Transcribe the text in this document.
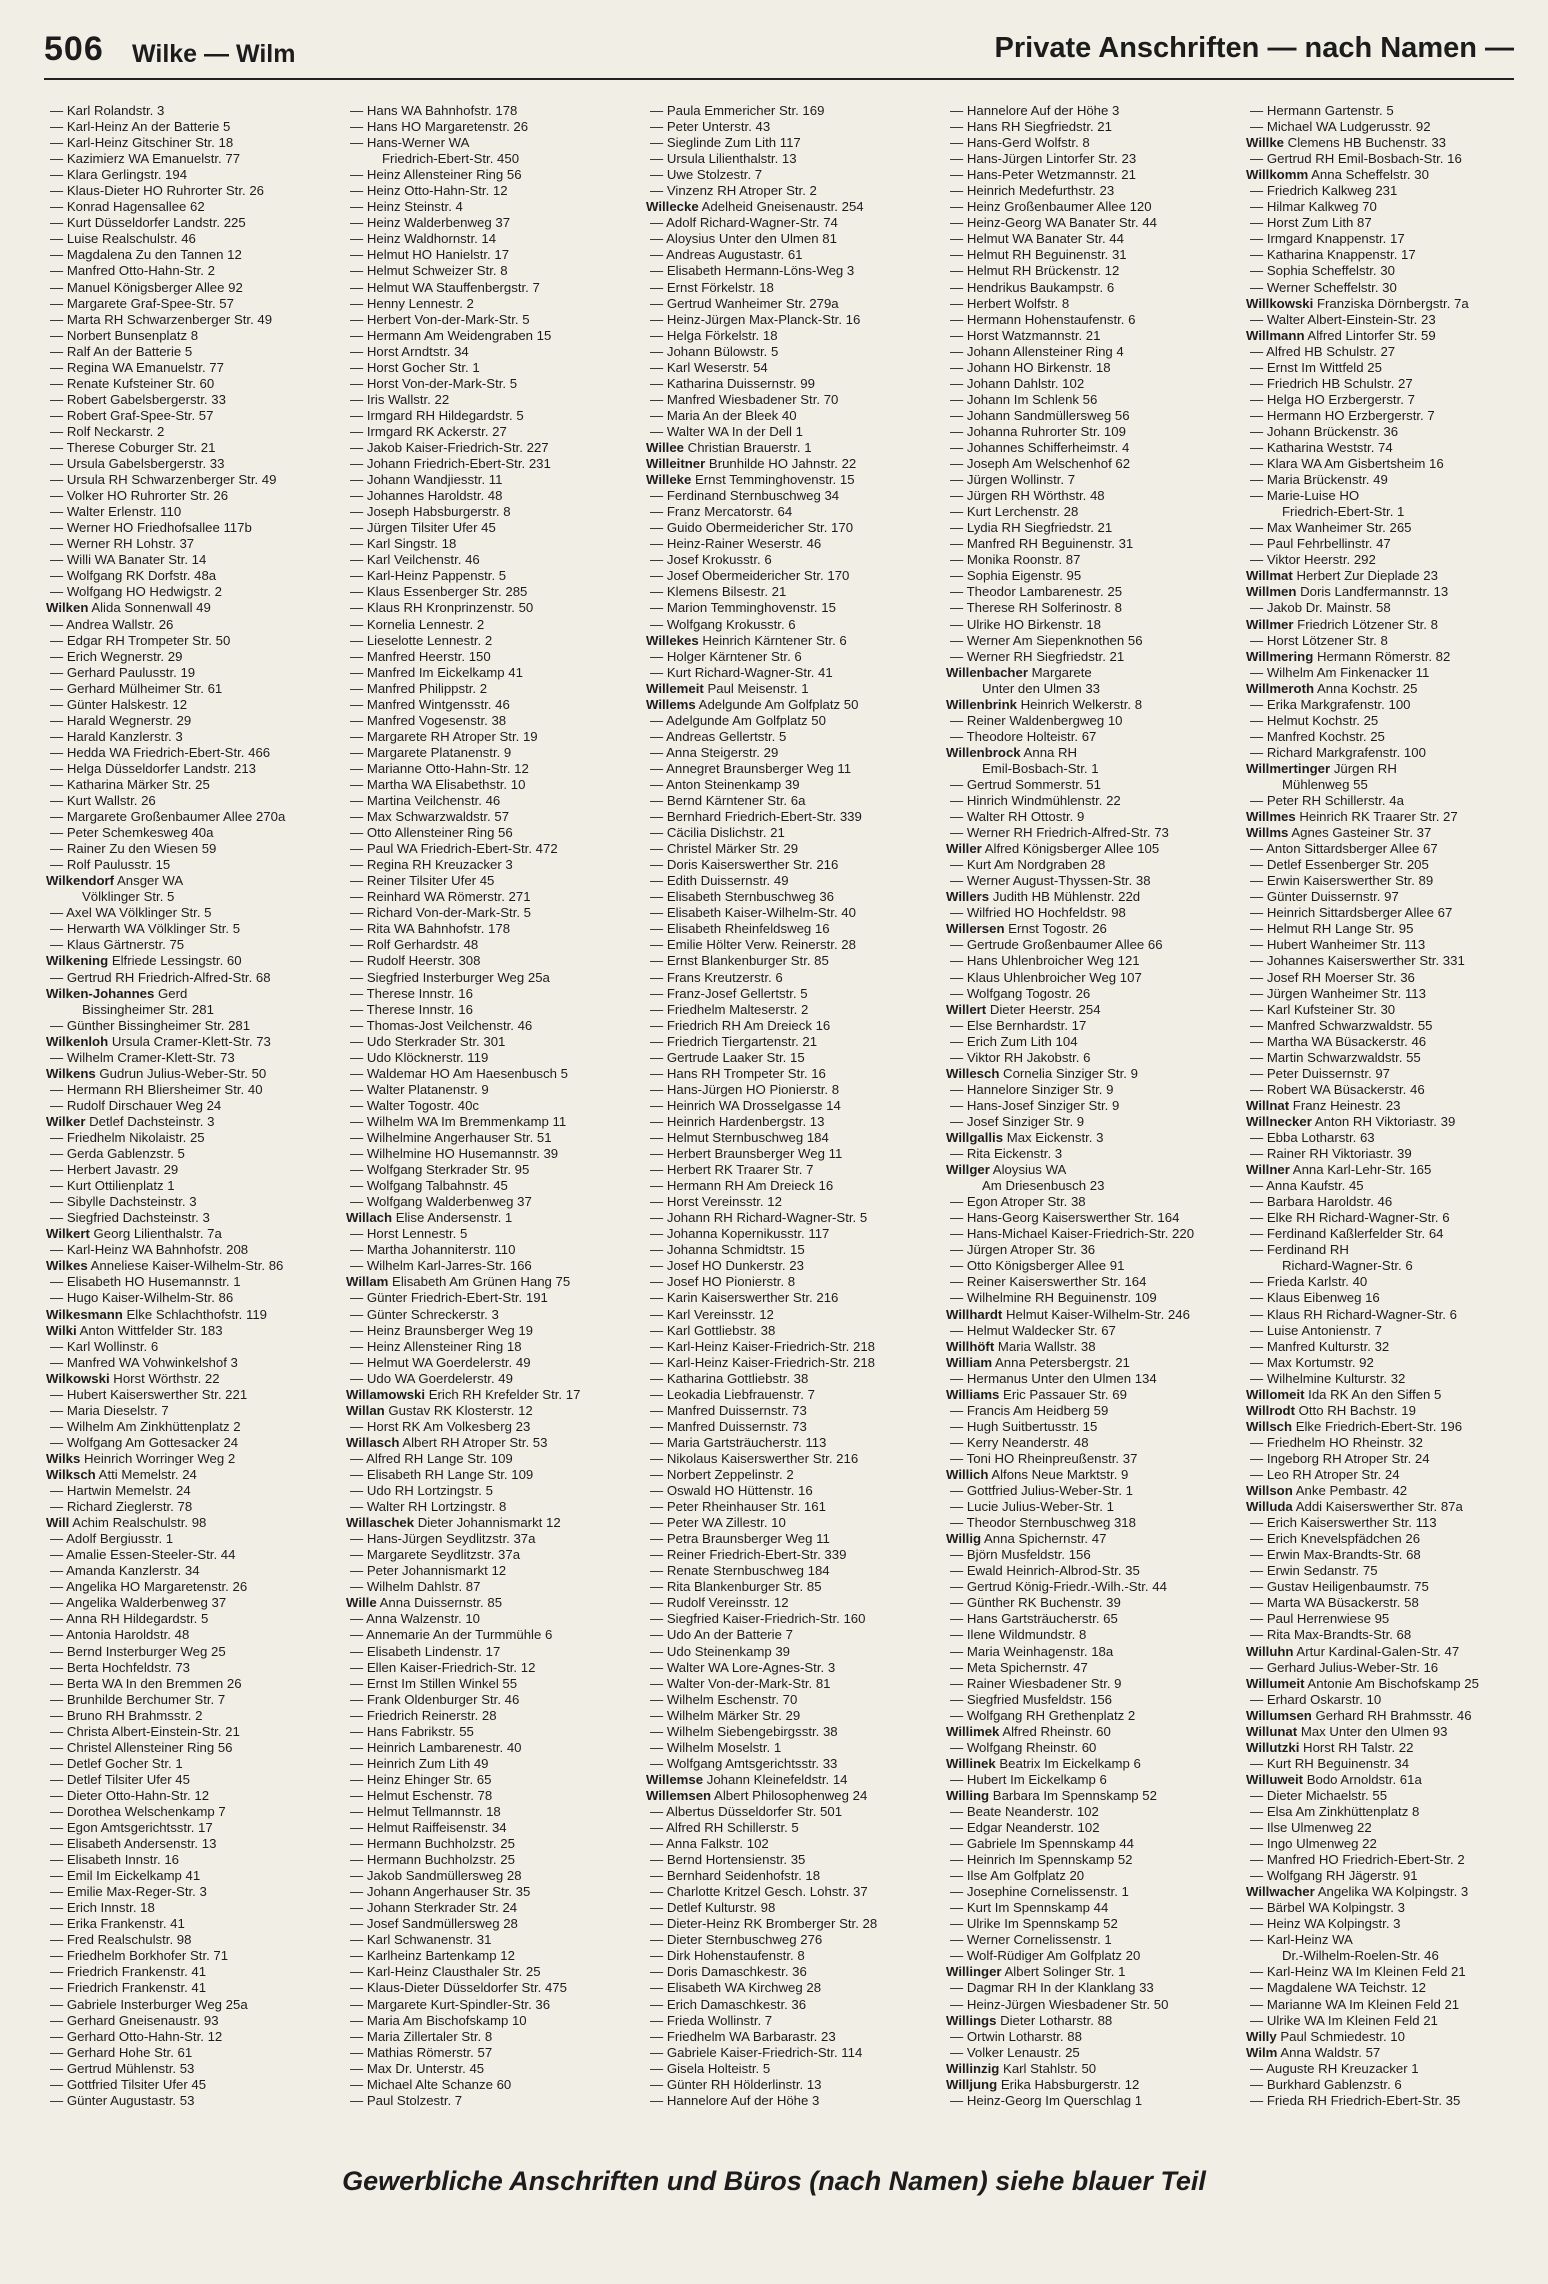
506 Wilke — Wilm	Private Anschriften — nach Namen —
— Karl Rolandstr. 3
— Karl-Heinz An der Batterie 5
— Karl-Heinz Gitschiner Str. 18
— Kazimierz WA Emanuelstr. 77
— Klara Gerlingstr. 194
— Klaus-Dieter HO Ruhrorter Str. 26
— Konrad Hagensallee 62
— Kurt Düsseldorfer Landstr. 225
— Luise Realschulstr. 46
— Magdalena Zu den Tannen 12
— Manfred Otto-Hahn-Str. 2
— Manuel Königsberger Allee 92
— Margarete Graf-Spee-Str. 57
— Marta RH Schwarzenberger Str. 49
— Norbert Bunsenplatz 8
— Ralf An der Batterie 5
— Regina WA Emanuelstr. 77
— Renate Kufsteiner Str. 60
— Robert Gabelsbergerstr. 33
— Robert Graf-Spee-Str. 57
— Rolf Neckarstr. 2
— Therese Coburger Str. 21
— Ursula Gabelsbergerstr. 33
— Ursula RH Schwarzenberger Str. 49
— Volker HO Ruhrorter Str. 26
— Walter Erlenstr. 110
— Werner HO Friedhofsallee 117b
— Werner RH Lohstr. 37
— Willi WA Banater Str. 14
— Wolfgang RK Dorfstr. 48a
— Wolfgang HO Hedwigstr. 2
Wilken Alida Sonnenwall 49
— Andrea Wallstr. 26
— Edgar RH Trompeter Str. 50
— Erich Wegnerstr. 29
— Gerhard Paulusstr. 19
— Gerhard Mülheimer Str. 61
— Günter Halskestr. 12
— Harald Wegnerstr. 29
— Harald Kanzlerstr. 3
— Hedda WA Friedrich-Ebert-Str. 466
— Helga Düsseldorfer Landstr. 213
— Katharina Märker Str. 25
— Kurt Wallstr. 26
— Margarete Großenbaumer Allee 270a
— Peter Schemkesweg 40a
— Rainer Zu den Wiesen 59
— Rolf Paulusstr. 15
Wilkendorf Ansger WA
Völklinger Str. 5
— Axel WA Völklinger Str. 5
— Herwarth WA Völklinger Str. 5
— Klaus Gärtnerstr. 75
Wilkening Elfriede Lessingstr. 60
— Gertrud RH Friedrich-Alfred-Str. 68
Wilken-Johannes Gerd
Bissingheimer Str. 281
— Günther Bissingheimer Str. 281
Wilkenloh Ursula Cramer-Klett-Str. 73
— Wilhelm Cramer-Klett-Str. 73
Wilkens Gudrun Julius-Weber-Str. 50
— Hermann RH Bliersheimer Str. 40
— Rudolf Dirschauer Weg 24
Wilker Detlef Dachsteinstr. 3
— Friedhelm Nikolaistr. 25
— Gerda Gablenzstr. 5
— Herbert Javastr. 29
— Kurt Ottilienplatz 1
— Sibylle Dachsteinstr. 3
— Siegfried Dachsteinstr. 3
Wilkert Georg Lilienthalstr. 7a
— Karl-Heinz WA Bahnhofstr. 208
Wilkes Anneliese Kaiser-Wilhelm-Str. 86
— Elisabeth HO Husemannstr. 1
— Hugo Kaiser-Wilhelm-Str. 86
Wilkesmann Elke Schlachthofstr. 119
Wilki Anton Wittfelder Str. 183
— Karl Wollinstr. 6
— Manfred WA Vohwinkelshof 3
Wilkowski Horst Wörthstr. 22
— Hubert Kaiserswerther Str. 221
— Maria Dieselstr. 7
— Wilhelm Am Zinkhüttenplatz 2
— Wolfgang Am Gottesacker 24
Wilks Heinrich Worringer Weg 2
Wilksch Atti Memelstr. 24
— Hartwin Memelstr. 24
— Richard Zieglerstr. 78
Will Achim Realschulstr. 98
— Adolf Bergiusstr. 1
— Amalie Essen-Steeler-Str. 44
— Amanda Kanzlerstr. 34
— Angelika HO Margaretenstr. 26
— Angelika Walderbenweg 37
— Anna RH Hildegardstr. 5
— Antonia Haroldstr. 48
— Bernd Insterburger Weg 25
— Berta Hochfeldstr. 73
— Berta WA In den Bremmen 26
— Brunhilde Berchumer Str. 7
— Bruno RH Brahmsstr. 2
— Christa Albert-Einstein-Str. 21
— Christel Allensteiner Ring 56
— Detlef Gocher Str. 1
— Detlef Tilsiter Ufer 45
— Dieter Otto-Hahn-Str. 12
— Dorothea Welschenkamp 7
— Egon Amtsgerichtsstr. 17
— Elisabeth Andersenstr. 13
— Elisabeth Innstr. 16
— Emil Im Eickelkamp 41
— Emilie Max-Reger-Str. 3
— Erich Innstr. 18
— Erika Frankenstr. 41
— Fred Realschulstr. 98
— Friedhelm Borkhofer Str. 71
— Friedrich Frankenstr. 41
— Friedrich Frankenstr. 41
— Gabriele Insterburger Weg 25a
— Gerhard Gneisenaustr. 93
— Gerhard Otto-Hahn-Str. 12
— Gerhard Hohe Str. 61
— Gertrud Mühlenstr. 53
— Gottfried Tilsiter Ufer 45
— Günter Augustastr. 53
— Hans WA Bahnhofstr. 178
— Hans HO Margaretenstr. 26
— Hans-Werner WA
Friedrich-Ebert-Str. 450
— Heinz Allensteiner Ring 56
— Heinz Otto-Hahn-Str. 12
— Heinz Steinstr. 4
— Heinz Walderbenweg 37
— Heinz Waldhornstr. 14
— Helmut HO Hanielstr. 17
— Helmut Schweizer Str. 8
— Helmut WA Stauffenbergstr. 7
— Henny Lennestr. 2
— Herbert Von-der-Mark-Str. 5
— Hermann Am Weidengraben 15
— Horst Arndtstr. 34
— Horst Gocher Str. 1
— Horst Von-der-Mark-Str. 5
— Iris Wallstr. 22
— Irmgard RH Hildegardstr. 5
— Irmgard RK Ackerstr. 27
— Jakob Kaiser-Friedrich-Str. 227
— Johann Friedrich-Ebert-Str. 231
— Johann Wandjiesstr. 11
— Johannes Haroldstr. 48
— Joseph Habsburgerstr. 8
— Jürgen Tilsiter Ufer 45
— Karl Singstr. 18
— Karl Veilchenstr. 46
— Karl-Heinz Pappenstr. 5
— Klaus Essenberger Str. 285
— Klaus RH Kronprinzenstr. 50
— Kornelia Lennestr. 2
— Lieselotte Lennestr. 2
— Manfred Heerstr. 150
— Manfred Im Eickelkamp 41
— Manfred Philippstr. 2
— Manfred Wintgensstr. 46
— Manfred Vogesenstr. 38
— Margarete RH Atroper Str. 19
— Margarete Platanenstr. 9
— Marianne Otto-Hahn-Str. 12
— Martha WA Elisabethstr. 10
— Martina Veilchenstr. 46
— Max Schwarzwaldstr. 57
— Otto Allensteiner Ring 56
— Paul WA Friedrich-Ebert-Str. 472
— Regina RH Kreuzacker 3
— Reiner Tilsiter Ufer 45
— Reinhard WA Römerstr. 271
— Richard Von-der-Mark-Str. 5
— Rita WA Bahnhofstr. 178
— Rolf Gerhardstr. 48
— Rudolf Heerstr. 308
— Siegfried Insterburger Weg 25a
— Therese Innstr. 16
— Therese Innstr. 16
— Thomas-Jost Veilchenstr. 46
— Udo Sterkrader Str. 301
— Udo Klöcknerstr. 119
— Waldemar HO Am Haesenbusch 5
— Walter Platanenstr. 9
— Walter Togostr. 40c
— Wilhelm WA Im Bremmenkamp 11
— Wilhelmine Angerhauser Str. 51
— Wilhelmine HO Husemannstr. 39
— Wolfgang Sterkrader Str. 95
— Wolfgang Talbahnstr. 45
— Wolfgang Walderbenweg 37
Willach Elise Andersenstr. 1
— Horst Lennestr. 5
— Martha Johanniterstr. 110
— Wilhelm Karl-Jarres-Str. 166
Willam Elisabeth Am Grünen Hang 75
— Günter Friedrich-Ebert-Str. 191
— Günter Schreckerstr. 3
— Heinz Braunsberger Weg 19
— Heinz Allensteiner Ring 18
— Helmut WA Goerdelerstr. 49
— Udo WA Goerdelerstr. 49
Willamowski Erich RH Krefelder Str. 17
Willan Gustav RK Klosterstr. 12
— Horst RK Am Volkesberg 23
Willasch Albert RH Atroper Str. 53
— Alfred RH Lange Str. 109
— Elisabeth RH Lange Str. 109
— Udo RH Lortzingstr. 5
— Walter RH Lortzingstr. 8
Willaschek Dieter Johannismarkt 12
— Hans-Jürgen Seydlitzstr. 37a
— Margarete Seydlitzstr. 37a
— Peter Johannismarkt 12
— Wilhelm Dahlstr. 87
Wille Anna Duissernstr. 85
— Anna Walzenstr. 10
— Annemarie An der Turmmühle 6
— Elisabeth Lindenstr. 17
— Ellen Kaiser-Friedrich-Str. 12
— Ernst Im Stillen Winkel 55
— Frank Oldenburger Str. 46
— Friedrich Reinerstr. 28
— Hans Fabrikstr. 55
— Heinrich Lambarenestr. 40
— Heinrich Zum Lith 49
— Heinz Ehinger Str. 65
— Helmut Eschenstr. 78
— Helmut Tellmannstr. 18
— Helmut Raiffeisenstr. 34
— Hermann Buchholzstr. 25
— Hermann Buchholzstr. 25
— Jakob Sandmüllersweg 28
— Johann Angerhauser Str. 35
— Johann Sterkrader Str. 24
— Josef Sandmüllersweg 28
— Karl Schwanenstr. 31
— Karlheinz Bartenkamp 12
— Karl-Heinz Clausthaler Str. 25
— Klaus-Dieter Düsseldorfer Str. 475
— Margarete Kurt-Spindler-Str. 36
— Maria Am Bischofskamp 10
— Maria Zillertaler Str. 8
— Mathias Römerstr. 57
— Max Dr. Unterstr. 45
— Michael Alte Schanze 60
— Paul Stolzestr. 7
— Paula Emmericher Str. 169
— Peter Unterstr. 43
— Sieglinde Zum Lith 117
— Ursula Lilienthalstr. 13
— Uwe Stolzestr. 7
— Vinzenz RH Atroper Str. 2
Willecke Adelheid Gneisenaustr. 254
— Adolf Richard-Wagner-Str. 74
— Aloysius Unter den Ulmen 81
— Andreas Augustastr. 61
— Elisabeth Hermann-Löns-Weg 3
— Ernst Förkelstr. 18
— Gertrud Wanheimer Str. 279a
— Heinz-Jürgen Max-Planck-Str. 16
— Helga Förkelstr. 18
— Johann Bülowstr. 5
— Karl Weserstr. 54
— Katharina Duissernstr. 99
— Manfred Wiesbadener Str. 70
— Maria An der Bleek 40
— Walter WA In der Dell 1
Willee Christian Brauerstr. 1
Willeitner Brunhilde HO Jahnstr. 22
Willeke Ernst Temminghovenstr. 15
— Ferdinand Sternbuschweg 34
— Franz Mercatorstr. 64
— Guido Obermeidericher Str. 170
— Heinz-Rainer Weserstr. 46
— Josef Krokusstr. 6
— Josef Obermeidericher Str. 170
— Klemens Bilsestr. 21
— Marion Temminghovenstr. 15
— Wolfgang Krokusstr. 6
Willekes Heinrich Kärntener Str. 6
— Holger Kärntener Str. 6
— Kurt Richard-Wagner-Str. 41
Willemeit Paul Meisenstr. 1
Willems Adelgunde Am Golfplatz 50
— Adelgunde Am Golfplatz 50
— Andreas Gellertstr. 5
— Anna Steigerstr. 29
— Annegret Braunsberger Weg 11
— Anton Steinenkamp 39
— Bernd Kärntener Str. 6a
— Bernhard Friedrich-Ebert-Str. 339
— Cäcilia Dislichstr. 21
— Christel Märker Str. 29
— Doris Kaiserswerther Str. 216
— Edith Duissernstr. 49
— Elisabeth Sternbuschweg 36
— Elisabeth Kaiser-Wilhelm-Str. 40
— Elisabeth Rheinfeldsweg 16
— Emilie Hölter Verw. Reinerstr. 28
— Ernst Blankenburger Str. 85
— Frans Kreutzerstr. 6
— Franz-Josef Gellertstr. 5
— Friedhelm Malteserstr. 2
— Friedrich RH Am Dreieck 16
— Friedrich Tiergartenstr. 21
— Gertrude Laaker Str. 15
— Hans RH Trompeter Str. 16
— Hans-Jürgen HO Pionierstr. 8
— Heinrich WA Drosselgasse 14
— Heinrich Hardenbergstr. 13
— Helmut Sternbuschweg 184
— Herbert Braunsberger Weg 11
— Herbert RK Traarer Str. 7
— Hermann RH Am Dreieck 16
— Horst Vereinsstr. 12
— Johann RH Richard-Wagner-Str. 5
— Johanna Kopernikusstr. 117
— Johanna Schmidtstr. 15
— Josef HO Dunkerstr. 23
— Josef HO Pionierstr. 8
— Karin Kaiserswerther Str. 216
— Karl Vereinsstr. 12
— Karl Gottliebstr. 38
— Karl-Heinz Kaiser-Friedrich-Str. 218
— Karl-Heinz Kaiser-Friedrich-Str. 218
— Katharina Gottliebstr. 38
— Leokadia Liebfrauenstr. 7
— Manfred Duissernstr. 73
— Manfred Duissernstr. 73
— Maria Gartsträucherstr. 113
— Nikolaus Kaiserswerther Str. 216
— Norbert Zeppelinstr. 2
— Oswald HO Hüttenstr. 16
— Peter Rheinhauser Str. 161
— Peter WA Zillestr. 10
— Petra Braunsberger Weg 11
— Reiner Friedrich-Ebert-Str. 339
— Renate Sternbuschweg 184
— Rita Blankenburger Str. 85
— Rudolf Vereinsstr. 12
— Siegfried Kaiser-Friedrich-Str. 160
— Udo An der Batterie 7
— Udo Steinenkamp 39
— Walter WA Lore-Agnes-Str. 3
— Walter Von-der-Mark-Str. 81
— Wilhelm Eschenstr. 70
— Wilhelm Märker Str. 29
— Wilhelm Siebengebirgsstr. 38
— Wilhelm Moselstr. 1
— Wolfgang Amtsgerichtsstr. 33
Willemse Johann Kleinefeldstr. 14
Willemsen Albert Philosophenweg 24
— Albertus Düsseldorfer Str. 501
— Alfred RH Schillerstr. 5
— Anna Falkstr. 102
— Bernd Hortensienstr. 35
— Bernhard Seidenhofstr. 18
— Charlotte Kritzel Gesch. Lohstr. 37
— Detlef Kulturstr. 98
— Dieter-Heinz RK Bromberger Str. 28
— Dieter Sternbuschweg 276
— Dirk Hohenstaufenstr. 8
— Doris Damaschkestr. 36
— Elisabeth WA Kirchweg 28
— Erich Damaschkestr. 36
— Frieda Wollinstr. 7
— Friedhelm WA Barbarastr. 23
— Gabriele Kaiser-Friedrich-Str. 114
— Gisela Holteistr. 5
— Günter RH Hölderlinstr. 13
— Hannelore Auf der Höhe 3
— Hannelore Auf der Höhe 3
— Hans RH Siegfriedstr. 21
— Hans-Gerd Wolfstr. 8
— Hans-Jürgen Lintorfer Str. 23
— Hans-Peter Wetzmannstr. 21
— Heinrich Medefurthstr. 23
— Heinz Großenbaumer Allee 120
— Heinz-Georg WA Banater Str. 44
— Helmut WA Banater Str. 44
— Helmut RH Beguinenstr. 31
— Helmut RH Brückenstr. 12
— Hendrikus Baukampstr. 6
— Herbert Wolfstr. 8
— Hermann Hohenstaufenstr. 6
— Horst Watzmannstr. 21
— Johann Allensteiner Ring 4
— Johann HO Birkenstr. 18
— Johann Dahlstr. 102
— Johann Im Schlenk 56
— Johann Sandmüllersweg 56
— Johanna Ruhrorter Str. 109
— Johannes Schifferheimstr. 4
— Joseph Am Welschenhof 62
— Jürgen Wollinstr. 7
— Jürgen RH Wörthstr. 48
— Kurt Lerchenstr. 28
— Lydia RH Siegfriedstr. 21
— Manfred RH Beguinenstr. 31
— Monika Roonstr. 87
— Sophia Eigenstr. 95
— Theodor Lambarenestr. 25
— Therese RH Solferinostr. 8
— Ulrike HO Birkenstr. 18
— Werner Am Siepenknothen 56
— Werner RH Siegfriedstr. 21
Willenbacher Margarete
Unter den Ulmen 33
Willenbrink Heinrich Welkerstr. 8
— Reiner Waldenbergweg 10
— Theodore Holteistr. 67
Willenbrock Anna RH
Emil-Bosbach-Str. 1
— Gertrud Sommerstr. 51
— Hinrich Windmühlenstr. 22
— Walter RH Ottostr. 9
— Werner RH Friedrich-Alfred-Str. 73
Willer Alfred Königsberger Allee 105
— Kurt Am Nordgraben 28
— Werner August-Thyssen-Str. 38
Willers Judith HB Mühlenstr. 22d
— Wilfried HO Hochfeldstr. 98
Willersen Ernst Togostr. 26
— Gertrude Großenbaumer Allee 66
— Hans Uhlenbroicher Weg 121
— Klaus Uhlenbroicher Weg 107
— Wolfgang Togostr. 26
Willert Dieter Heerstr. 254
— Else Bernhardstr. 17
— Erich Zum Lith 104
— Viktor RH Jakobstr. 6
Willesch Cornelia Sinziger Str. 9
— Hannelore Sinziger Str. 9
— Hans-Josef Sinziger Str. 9
— Josef Sinziger Str. 9
Willgallis Max Eickenstr. 3
— Rita Eickenstr. 3
Willger Aloysius WA
Am Driesenbusch 23
— Egon Atroper Str. 38
— Hans-Georg Kaiserswerther Str. 164
— Hans-Michael Kaiser-Friedrich-Str. 220
— Jürgen Atroper Str. 36
— Otto Königsberger Allee 91
— Reiner Kaiserswerther Str. 164
— Wilhelmine RH Beguinenstr. 109
Willhardt Helmut Kaiser-Wilhelm-Str. 246
— Helmut Waldecker Str. 67
Willhöft Maria Wallstr. 38
William Anna Petersbergstr. 21
— Hermanus Unter den Ulmen 134
Williams Eric Passauer Str. 69
— Francis Am Heidberg 59
— Hugh Suitbertusstr. 15
— Kerry Neanderstr. 48
— Toni HO Rheinpreußenstr. 37
Willich Alfons Neue Marktstr. 9
— Gottfried Julius-Weber-Str. 1
— Lucie Julius-Weber-Str. 1
— Theodor Sternbuschweg 318
Willig Anna Spichernstr. 47
— Björn Musfeldstr. 156
— Ewald Heinrich-Albrod-Str. 35
— Gertrud König-Friedr.-Wilh.-Str. 44
— Günther RK Buchenstr. 39
— Hans Gartsträucherstr. 65
— Ilene Wildmundstr. 8
— Maria Weinhagenstr. 18a
— Meta Spichernstr. 47
— Rainer Wiesbadener Str. 9
— Siegfried Musfeldstr. 156
— Wolfgang RH Grethenplatz 2
Willimek Alfred Rheinstr. 60
— Wolfgang Rheinstr. 60
Willinek Beatrix Im Eickelkamp 6
— Hubert Im Eickelkamp 6
Willing Barbara Im Spennskamp 52
— Beate Neanderstr. 102
— Edgar Neanderstr. 102
— Gabriele Im Spennskamp 44
— Heinrich Im Spennskamp 52
— Ilse Am Golfplatz 20
— Josephine Cornelissenstr. 1
— Kurt Im Spennskamp 44
— Ulrike Im Spennskamp 52
— Werner Cornelissenstr. 1
— Wolf-Rüdiger Am Golfplatz 20
Willinger Albert Solinger Str. 1
— Dagmar RH In der Klanklang 33
— Heinz-Jürgen Wiesbadener Str. 50
Willings Dieter Lotharstr. 88
— Ortwin Lotharstr. 88
— Volker Lenaustr. 25
Willinzig Karl Stahlstr. 50
Willjung Erika Habsburgerstr. 12
— Heinz-Georg Im Querschlag 1
— Hermann Gartenstr. 5
— Michael WA Ludgerusstr. 92
Willke Clemens HB Buchenstr. 33
— Gertrud RH Emil-Bosbach-Str. 16
Willkomm Anna Scheffelstr. 30
— Friedrich Kalkweg 231
— Hilmar Kalkweg 70
— Horst Zum Lith 87
— Irmgard Knappenstr. 17
— Katharina Knappenstr. 17
— Sophia Scheffelstr. 30
— Werner Scheffelstr. 30
Willkowski Franziska Dörnbergstr. 7a
— Walter Albert-Einstein-Str. 23
Willmann Alfred Lintorfer Str. 59
— Alfred HB Schulstr. 27
— Ernst Im Wittfeld 25
— Friedrich HB Schulstr. 27
— Helga HO Erzbergerstr. 7
— Hermann HO Erzbergerstr. 7
— Johann Brückenstr. 36
— Katharina Weststr. 74
— Klara WA Am Gisbertsheim 16
— Maria Brückenstr. 49
— Marie-Luise HO
Friedrich-Ebert-Str. 1
— Max Wanheimer Str. 265
— Paul Fehrbellinstr. 47
— Viktor Heerstr. 292
Willmat Herbert Zur Dieplade 23
Willmen Doris Landfermannstr. 13
— Jakob Dr. Mainstr. 58
Willmer Friedrich Lötzener Str. 8
— Horst Lötzener Str. 8
Willmering Hermann Römerstr. 82
— Wilhelm Am Finkenacker 11
Willmeroth Anna Kochstr. 25
— Erika Markgrafenstr. 100
— Helmut Kochstr. 25
— Manfred Kochstr. 25
— Richard Markgrafenstr. 100
Willmertinger Jürgen RH
Mühlenweg 55
— Peter RH Schillerstr. 4a
Willmes Heinrich RK Traarer Str. 27
Willms Agnes Gasteiner Str. 37
— Anton Sittardsberger Allee 67
— Detlef Essenberger Str. 205
— Erwin Kaiserswerther Str. 89
— Günter Duissernstr. 97
— Heinrich Sittardsberger Allee 67
— Helmut RH Lange Str. 95
— Hubert Wanheimer Str. 113
— Johannes Kaiserswerther Str. 331
— Josef RH Moerser Str. 36
— Jürgen Wanheimer Str. 113
— Karl Kufsteiner Str. 30
— Manfred Schwarzwaldstr. 55
— Martha WA Büsackerstr. 46
— Martin Schwarzwaldstr. 55
— Peter Duissernstr. 97
— Robert WA Büsackerstr. 46
Willnat Franz Heinestr. 23
Willnecker Anton RH Viktoriastr. 39
— Ebba Lotharstr. 63
— Rainer RH Viktoriastr. 39
Willner Anna Karl-Lehr-Str. 165
— Anna Kaufstr. 45
— Barbara Haroldstr. 46
— Elke RH Richard-Wagner-Str. 6
— Ferdinand Kaßlerfelder Str. 64
— Ferdinand RH
Richard-Wagner-Str. 6
— Frieda Karlstr. 40
— Klaus Eibenweg 16
— Klaus RH Richard-Wagner-Str. 6
— Luise Antonienstr. 7
— Manfred Kulturstr. 32
— Max Kortumstr. 92
— Wilhelmine Kulturstr. 32
Willomeit Ida RK An den Siffen 5
Willrodt Otto RH Bachstr. 19
Willsch Elke Friedrich-Ebert-Str. 196
— Friedhelm HO Rheinstr. 32
— Ingeborg RH Atroper Str. 24
— Leo RH Atroper Str. 24
Willson Anke Pembastr. 42
Willuda Addi Kaiserswerther Str. 87a
— Erich Kaiserswerther Str. 113
— Erich Knevelspfädchen 26
— Erwin Max-Brandts-Str. 68
— Erwin Sedanstr. 75
— Gustav Heiligenbaumstr. 75
— Marta WA Büsackerstr. 58
— Paul Herrenwiese 95
— Rita Max-Brandts-Str. 68
Willuhn Artur Kardinal-Galen-Str. 47
— Gerhard Julius-Weber-Str. 16
Willumeit Antonie Am Bischofskamp 25
— Erhard Oskarstr. 10
Willumsen Gerhard RH Brahmsstr. 46
Willunat Max Unter den Ulmen 93
Willutzki Horst RH Talstr. 22
— Kurt RH Beguinenstr. 34
Willuweit Bodo Arnoldstr. 61a
— Dieter Michaelstr. 55
— Elsa Am Zinkhüttenplatz 8
— Ilse Ulmenweg 22
— Ingo Ulmenweg 22
— Manfred HO Friedrich-Ebert-Str. 2
— Wolfgang RH Jägerstr. 91
Willwacher Angelika WA Kolpingstr. 3
— Bärbel WA Kolpingstr. 3
— Heinz WA Kolpingstr. 3
— Karl-Heinz WA
Dr.-Wilhelm-Roelen-Str. 46
— Karl-Heinz WA Im Kleinen Feld 21
— Magdalene WA Teichstr. 12
— Marianne WA Im Kleinen Feld 21
— Ulrike WA Im Kleinen Feld 21
Willy Paul Schmiedestr. 10
Wilm Anna Waldstr. 57
— Auguste RH Kreuzacker 1
— Burkhard Gablenzstr. 6
— Frieda RH Friedrich-Ebert-Str. 35
Gewerbliche Anschriften und Büros (nach Namen) siehe blauer Teil
